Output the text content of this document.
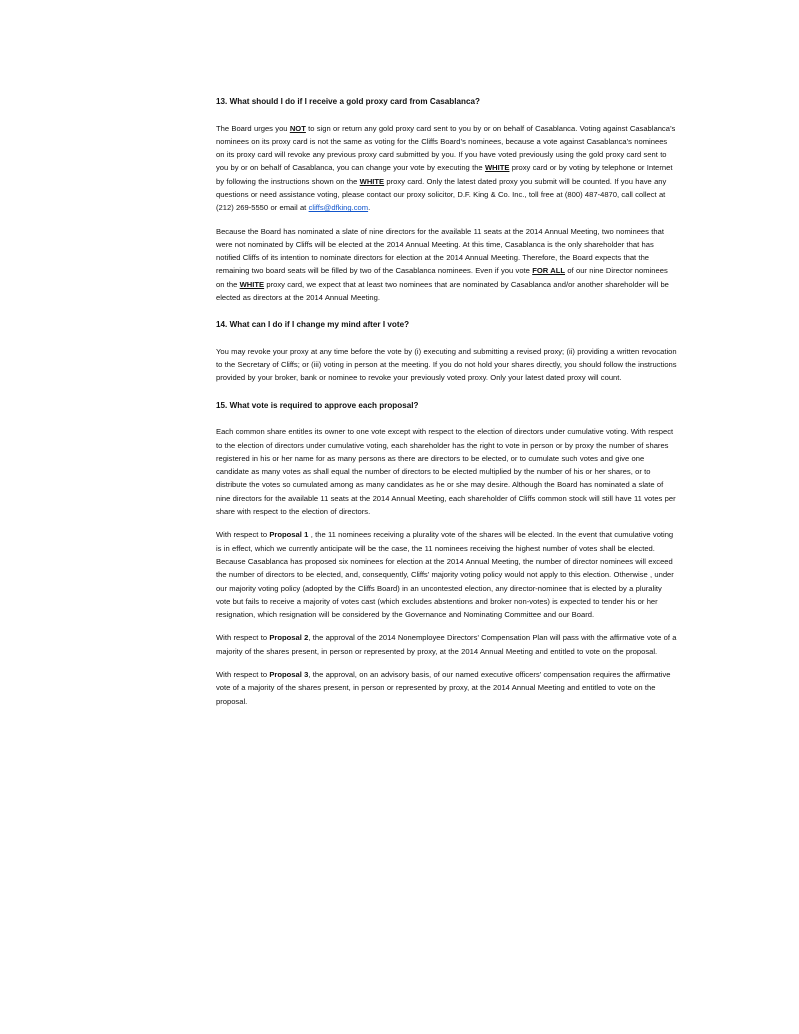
13. What should I do if I receive a gold proxy card from Casablanca?

The Board urges you NOT to sign or return any gold proxy card sent to you by or on behalf of Casablanca. Voting against Casablanca’s nominees on its proxy card is not the same as voting for the Cliffs Board’s nominees, because a vote against Casablanca’s nominees on its proxy card will revoke any previous proxy card submitted by you. If you have voted previously using the gold proxy card sent to you by or on behalf of Casablanca, you can change your vote by executing the WHITE proxy card or by voting by telephone or Internet by following the instructions shown on the WHITE proxy card. Only the latest dated proxy you submit will be counted. If you have any questions or need assistance voting, please contact our proxy solicitor, D.F. King & Co. Inc., toll free at (800) 487-4870, call collect at (212) 269-5550 or email at cliffs@dfking.com.

Because the Board has nominated a slate of nine directors for the available 11 seats at the 2014 Annual Meeting, two nominees that were not nominated by Cliffs will be elected at the 2014 Annual Meeting. At this time, Casablanca is the only shareholder that has notified Cliffs of its intention to nominate directors for election at the 2014 Annual Meeting. Therefore, the Board expects that the remaining two board seats will be filled by two of the Casablanca nominees. Even if you vote FOR ALL of our nine Director nominees on the WHITE proxy card, we expect that at least two nominees that are nominated by Casablanca and/or another shareholder will be elected as directors at the 2014 Annual Meeting.

14. What can I do if I change my mind after I vote?

You may revoke your proxy at any time before the vote by (i) executing and submitting a revised proxy; (ii) providing a written revocation to the Secretary of Cliffs; or (iii) voting in person at the meeting. If you do not hold your shares directly, you should follow the instructions provided by your broker, bank or nominee to revoke your previously voted proxy. Only your latest dated proxy will count.

15. What vote is required to approve each proposal?

Each common share entitles its owner to one vote except with respect to the election of directors under cumulative voting. With respect to the election of directors under cumulative voting, each shareholder has the right to vote in person or by proxy the number of shares registered in his or her name for as many persons as there are directors to be elected, or to cumulate such votes and give one candidate as many votes as shall equal the number of directors to be elected multiplied by the number of his or her shares, or to distribute the votes so cumulated among as many candidates as he or she may desire. Although the Board has nominated a slate of nine directors for the available 11 seats at the 2014 Annual Meeting, each shareholder of Cliffs common stock will still have 11 votes per share with respect to the election of directors.

With respect to Proposal 1 , the 11 nominees receiving a plurality vote of the shares will be elected. In the event that cumulative voting is in effect, which we currently anticipate will be the case, the 11 nominees receiving the highest number of votes shall be elected. Because Casablanca has proposed six nominees for election at the 2014 Annual Meeting, the number of director nominees will exceed the number of directors to be elected, and, consequently, Cliffs’ majority voting policy would not apply to this election. Otherwise , under our majority voting policy (adopted by the Cliffs Board) in an uncontested election, any director-nominee that is elected by a plurality vote but fails to receive a majority of votes cast (which excludes abstentions and broker non-votes) is expected to tender his or her resignation, which resignation will be considered by the Governance and Nominating Committee and our Board.

With respect to Proposal 2, the approval of the 2014 Nonemployee Directors’ Compensation Plan will pass with the affirmative vote of a majority of the shares present, in person or represented by proxy, at the 2014 Annual Meeting and entitled to vote on the proposal.

With respect to Proposal 3, the approval, on an advisory basis, of our named executive officers’ compensation requires the affirmative vote of a majority of the shares present, in person or represented by proxy, at the 2014 Annual Meeting and entitled to vote on the proposal.
